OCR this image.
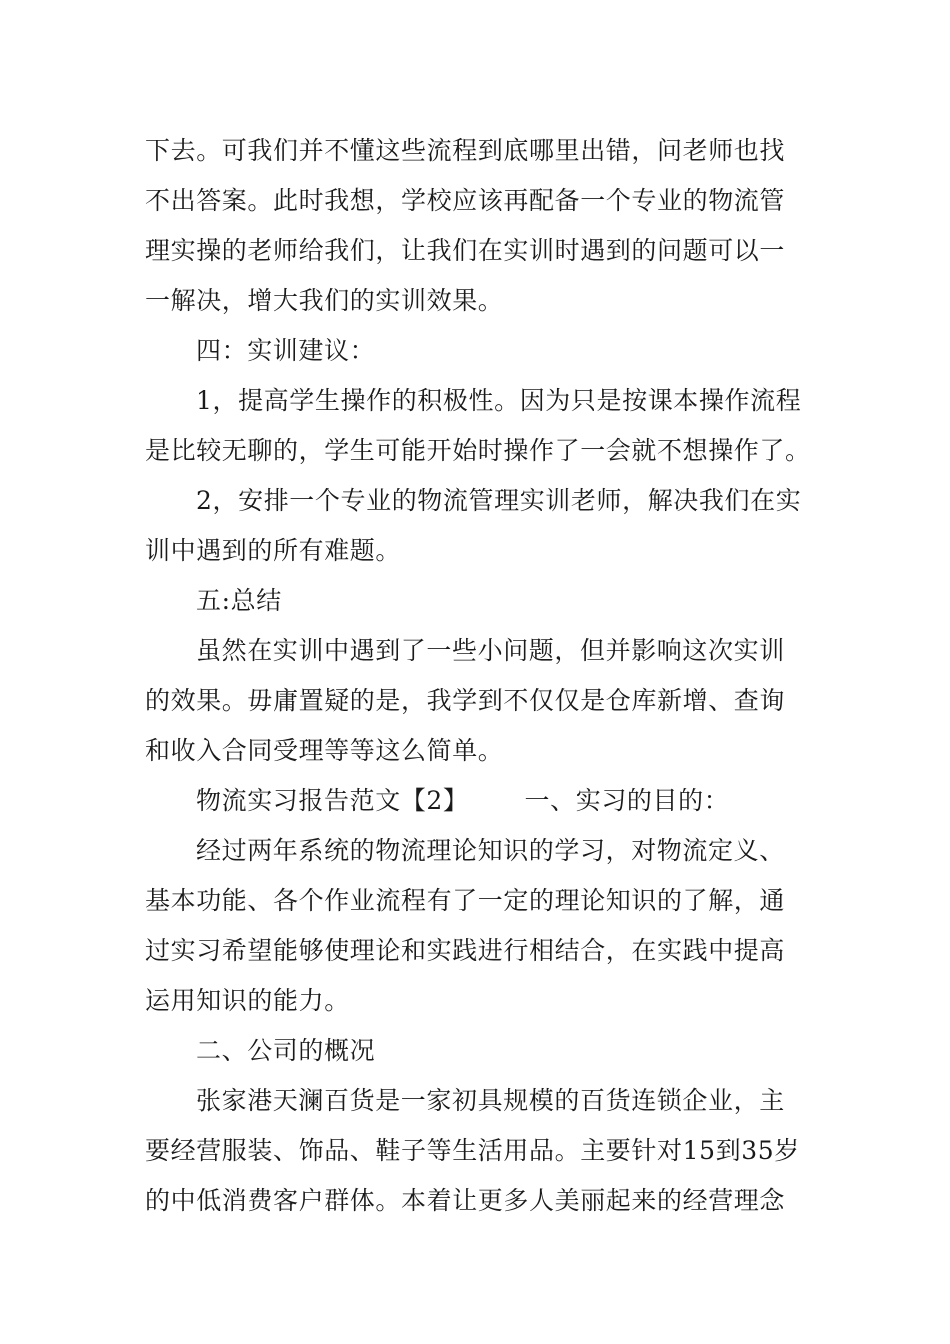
下去。可我们并不懂这些流程到底哪里出错，问老师也找
不出答案。此时我想，学校应该再配备一个专业的物流管
理实操的老师给我们，让我们在实训时遇到的问题可以一
一解决，增大我们的实训效果。
四：实训建议：
1，提高学生操作的积极性。因为只是按课本操作流程
是比较无聊的，学生可能开始时操作了一会就不想操作了。
2，安排一个专业的物流管理实训老师，解决我们在实
训中遇到的所有难题。
五:总结
虽然在实训中遇到了一些小问题，但并影响这次实训
的效果。毋庸置疑的是，我学到不仅仅是仓库新增、查询
和收入合同受理等等这么简单。
物流实习报告范文【2】 一、实习的目的：
经过两年系统的物流理论知识的学习，对物流定义、
基本功能、各个作业流程有了一定的理论知识的了解，通
过实习希望能够使理论和实践进行相结合，在实践中提高
运用知识的能力。
二、公司的概况
张家港天澜百货是一家初具规模的百货连锁企业，主
要经营服装、饰品、鞋子等生活用品。主要针对15到35岁
的中低消费客户群体。本着让更多人美丽起来的经营理念
